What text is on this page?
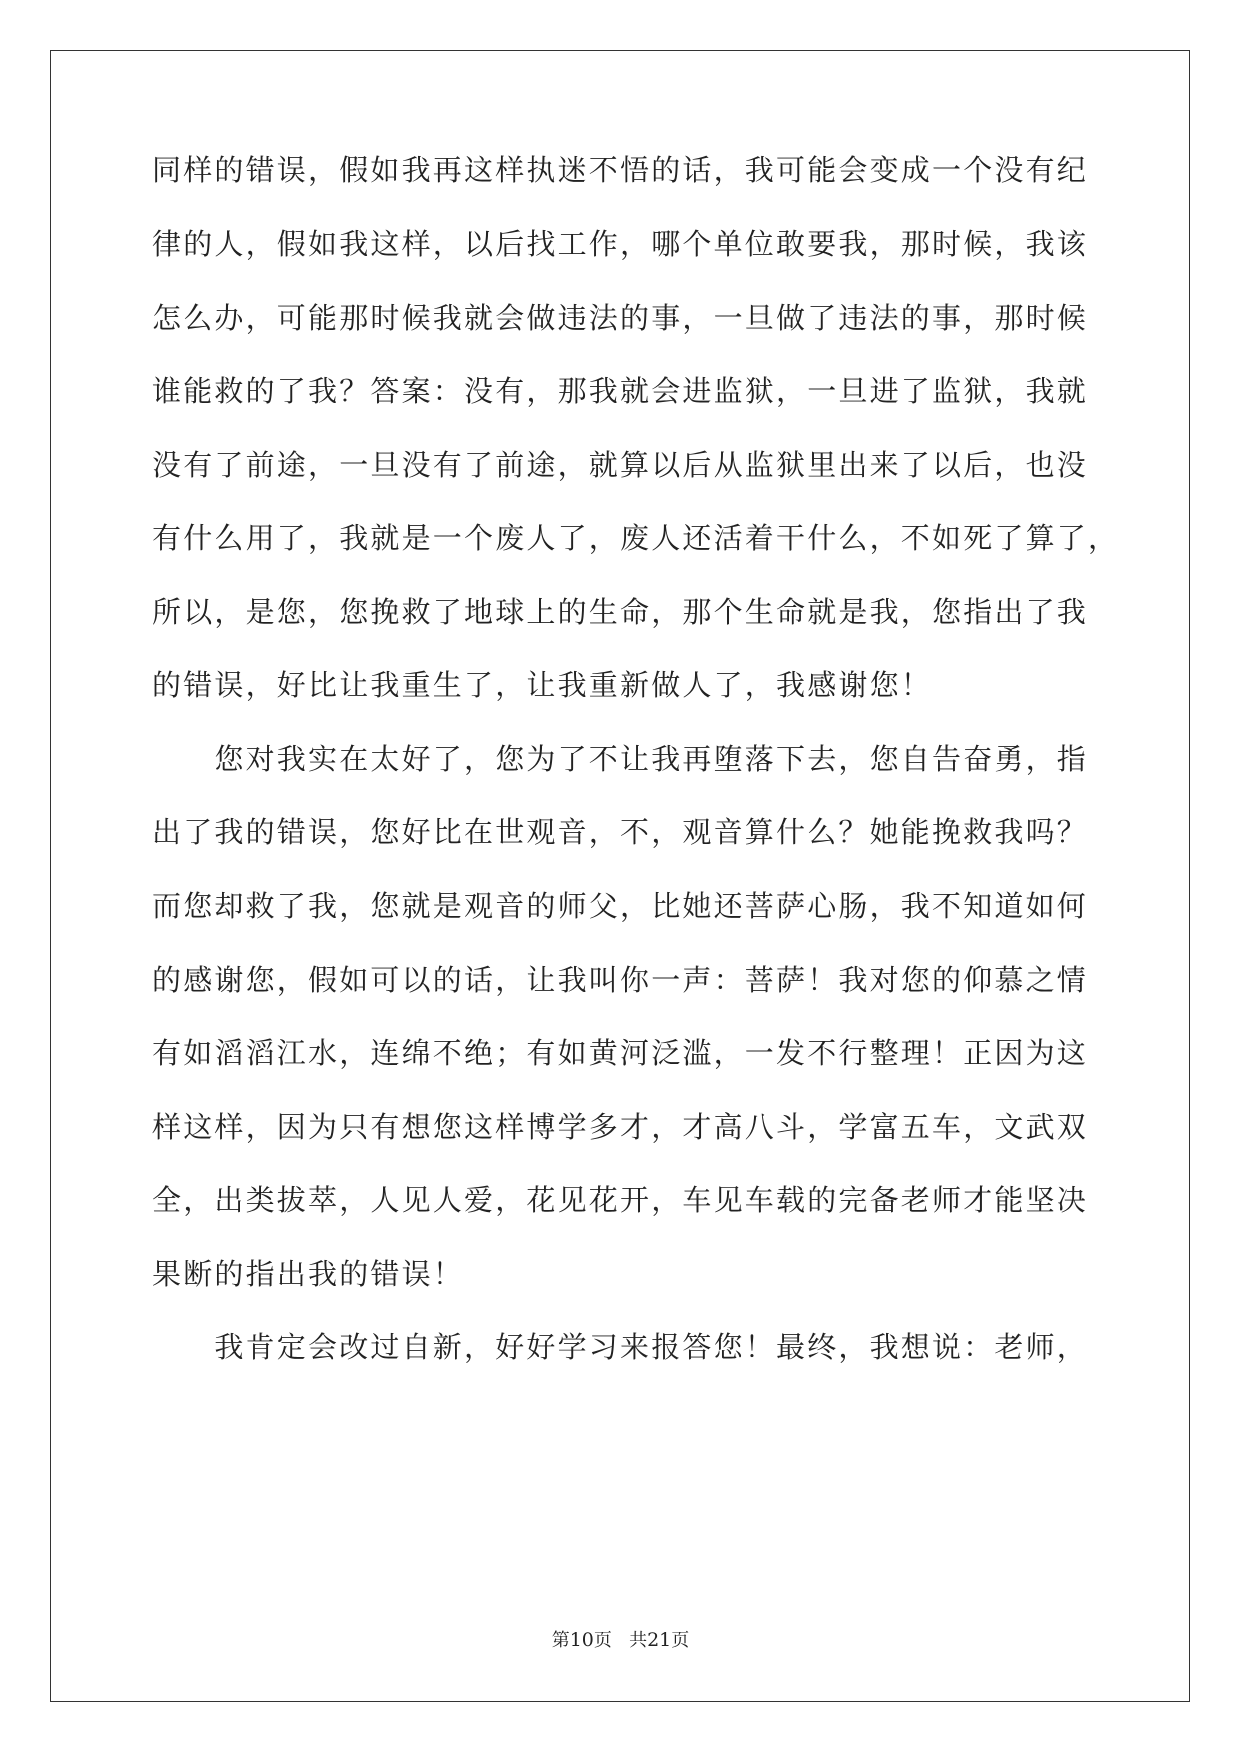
同样的错误，假如我再这样执迷不悟的话，我可能会变成一个没有纪
律的人，假如我这样，以后找工作，哪个单位敢要我，那时候，我该
怎么办，可能那时候我就会做违法的事，一旦做了违法的事，那时候
谁能救的了我？答案：没有，那我就会进监狱，一旦进了监狱，我就
没有了前途，一旦没有了前途，就算以后从监狱里出来了以后，也没
有什么用了，我就是一个废人了，废人还活着干什么，不如死了算了，
所以，是您，您挽救了地球上的生命，那个生命就是我，您指出了我
的错误，好比让我重生了，让我重新做人了，我感谢您！
　　您对我实在太好了，您为了不让我再堕落下去，您自告奋勇，指
出了我的错误，您好比在世观音，不，观音算什么？她能挽救我吗？
而您却救了我，您就是观音的师父，比她还菩萨心肠，我不知道如何
的感谢您，假如可以的话，让我叫你一声：菩萨！我对您的仰慕之情
有如滔滔江水，连绵不绝；有如黄河泛滥，一发不行整理！正因为这
样这样，因为只有想您这样博学多才，才高八斗，学富五车，文武双
全，出类拔萃，人见人爱，花见花开，车见车载的完备老师才能坚决
果断的指出我的错误！
　　我肯定会改过自新，好好学习来报答您！最终，我想说：老师，
第10页 共21页
